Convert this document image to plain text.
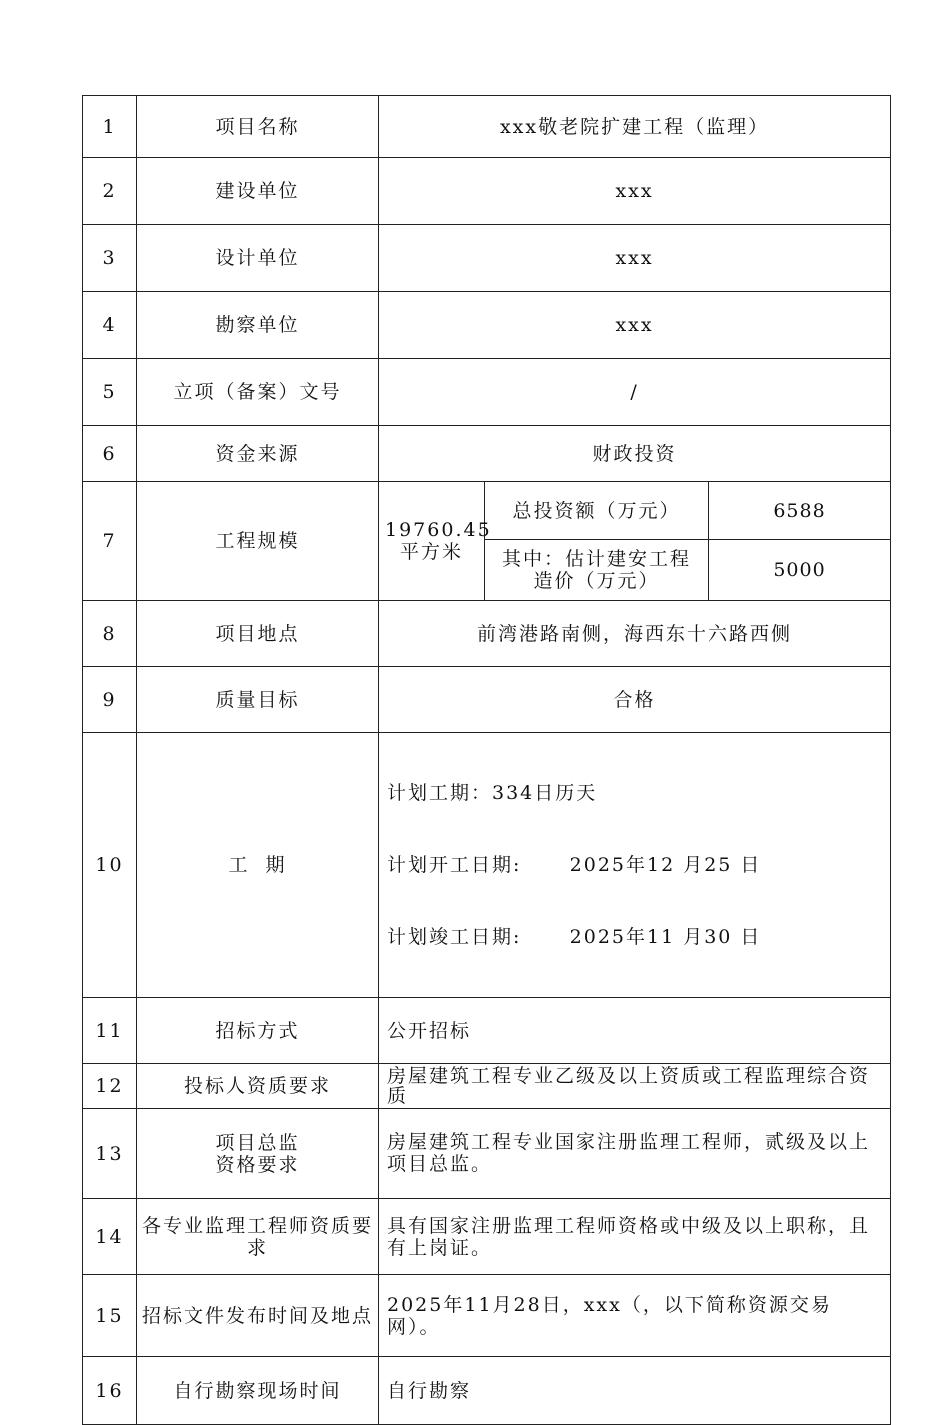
1	项目名称	xxx敬老院扩建工程（监理）		
2	建设单位	xxx		
3	设计单位	xxx		
4	勘察单位	xxx		
5	立项（备案）文号	/		
6	资金来源	财政投资		
7	工程规模	19760.45平方米	总投资额（万元）	6588
			其中：估计建安工程造价（万元）	5000
8	项目地点	前湾港路南侧，海西东十六路西侧		
9	质量目标	合格		
10	工  期	计划工期：334日历天

计划开工日期:      2025年12 月25 日

计划竣工日期:      2025年11 月30 日		

11	招标方式	公开招标		
12	投标人资质要求	房屋建筑工程专业乙级及以上资质或工程监理综合资质		
13	项目总监
资格要求	房屋建筑工程专业国家注册监理工程师，贰级及以上项目总监。		
14	各专业监理工程师资质要求	具有国家注册监理工程师资格或中级及以上职称，且有上岗证。		
15	招标文件发布时间及地点	2025年11月28日，xxx（，以下简称资源交易网）。		
16	自行勘察现场时间	自行勘察		
